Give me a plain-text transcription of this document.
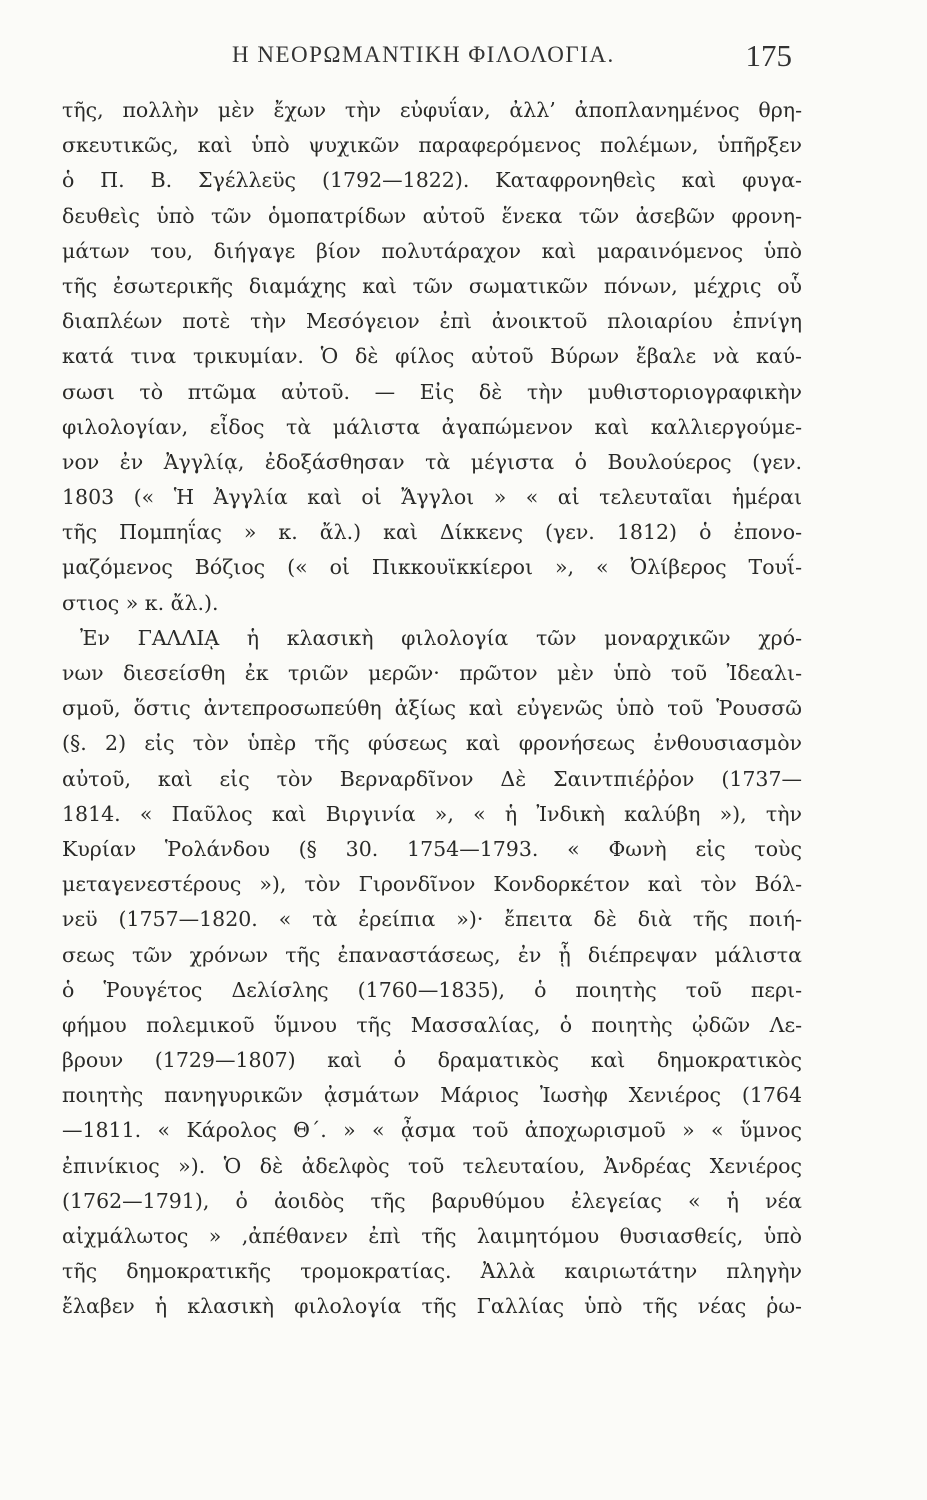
Η ΝΕΟΡΩΜΑΝΤΙΚΗ ΦΙΛΟΛΟΓΙΑ.	175
τῆς, πολλὴν μὲν ἔχων τὴν εὐφυΐαν, ἀλλ’ ἀποπλανημένος θρη-
σκευτικῶς, καὶ ὑπὸ ψυχικῶν παραφερόμενος πολέμων, ὑπῆρξεν
ὁ Π. Β. Σγέλλεϋς (1792—1822). Καταφρονηθεὶς καὶ φυγα-
δευθεὶς ὑπὸ τῶν ὁμοπατρίδων αὐτοῦ ἕνεκα τῶν ἀσεβῶν φρονη-
μάτων του, διήγαγε βίον πολυτάραχον καὶ μαραινόμενος ὑπὸ
τῆς ἐσωτερικῆς διαμάχης καὶ τῶν σωματικῶν πόνων, μέχρις οὗ
διαπλέων ποτὲ τὴν Μεσόγειον ἐπὶ ἀνοικτοῦ πλοιαρίου ἐπνίγη
κατά τινα τρικυμίαν. Ὁ δὲ φίλος αὐτοῦ Βύρων ἔβαλε νὰ καύ-
σωσι τὸ πτῶμα αὐτοῦ. — Εἰς δὲ τὴν μυθιστοριογραφικὴν
φιλολογίαν, εἶδος τὰ μάλιστα ἀγαπώμενον καὶ καλλιεργούμε-
νον ἐν Ἀγγλίᾳ, ἐδοξάσθησαν τὰ μέγιστα ὁ Βουλούερος (γεν.
1803 (« Ἡ Ἀγγλία καὶ οἱ Ἄγγλοι » « αἱ τελευταῖαι ἡμέραι
τῆς Πομπηΐας » κ. ἄλ.) καὶ Δίκκενς (γεν. 1812) ὁ ἐπονο-
μαζόμενος Βόζιος (« οἱ Πικκουϊκκίεροι », « Ὀλίβερος Τουΐ-
στιος » κ. ἄλ.).
Ἐν ΓΑΛΛΙᾼ ἡ κλασικὴ φιλολογία τῶν μοναρχικῶν χρό-
νων διεσείσθη ἐκ τριῶν μερῶν· πρῶτον μὲν ὑπὸ τοῦ Ἰδεαλι-
σμοῦ, ὅστις ἀντεπροσωπεύθη ἀξίως καὶ εὐγενῶς ὑπὸ τοῦ Ῥουσσῶ
(§. 2) εἰς τὸν ὑπὲρ τῆς φύσεως καὶ φρονήσεως ἐνθουσιασμὸν
αὐτοῦ, καὶ εἰς τὸν Βερναρδῖνον Δὲ Σαιντπιέῤῥον (1737—
1814. « Παῦλος καὶ Βιργινία », « ἡ Ἰνδικὴ καλύβη »), τὴν
Κυρίαν Ῥολάνδου (§ 30. 1754—1793. « Φωνὴ εἰς τοὺς
μεταγενεστέρους »), τὸν Γιρονδῖνον Κονδορκέτον καὶ τὸν Βόλ-
νεϋ (1757—1820. « τὰ ἐρείπια »)· ἔπειτα δὲ διὰ τῆς ποιή-
σεως τῶν χρόνων τῆς ἐπαναστάσεως, ἐν ᾗ διέπρεψαν μάλιστα
ὁ Ῥουγέτος Δελίσλης (1760—1835), ὁ ποιητὴς τοῦ περι-
φήμου πολεμικοῦ ὕμνου τῆς Μασσαλίας, ὁ ποιητὴς ᾠδῶν Λε-
βρουν (1729—1807) καὶ ὁ δραματικὸς καὶ δημοκρατικὸς
ποιητὴς πανηγυρικῶν ᾀσμάτων Μάριος Ἰωσὴφ Χενιέρος (1764
—1811. « Κάρολος Θ΄. » « ᾆσμα τοῦ ἀποχωρισμοῦ » « ὕμνος
ἐπινίκιος »). Ὁ δὲ ἀδελφὸς τοῦ τελευταίου, Ἀνδρέας Χενιέρος
(1762—1791), ὁ ἀοιδὸς τῆς βαρυθύμου ἐλεγείας « ἡ νέα
αἰχμάλωτος » ,ἀπέθανεν ἐπὶ τῆς λαιμητόμου θυσιασθείς, ὑπὸ
τῆς δημοκρατικῆς τρομοκρατίας. Ἀλλὰ καιριωτάτην πληγὴν
ἔλαβεν ἡ κλασικὴ φιλολογία τῆς Γαλλίας ὑπὸ τῆς νέας ῥω-
